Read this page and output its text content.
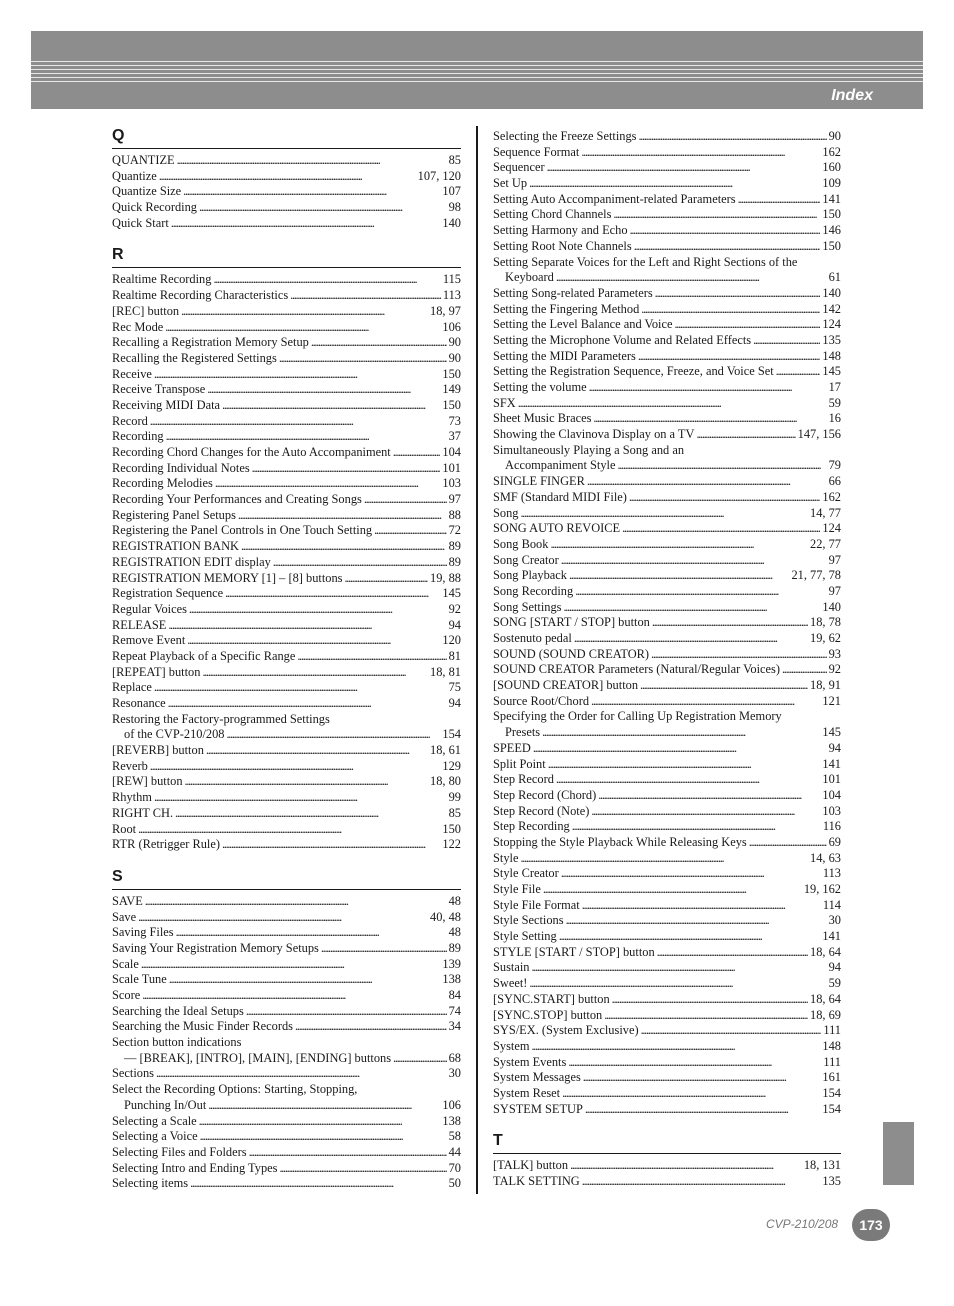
Index
Q
QUANTIZE . . .	85
Quantize . . .	107, 120
Quantize Size . . .	107
Quick Recording . . .	98
Quick Start . . .	140
R
Realtime Recording . . .	115
Realtime Recording Characteristics . . .	113
[REC] button . . .	18, 97
Rec Mode . . .	106
Recalling a Registration Memory Setup . . .	90
Recalling the Registered Settings . . .	90
Receive . . .	150
Receive Transpose . . .	149
Receiving MIDI Data . . .	150
Record . . .	73
Recording . . .	37
Recording Chord Changes for the Auto Accompaniment . . .	104
Recording Individual Notes . . .	101
Recording Melodies . . .	103
Recording Your Performances and Creating Songs . . .	97
Registering Panel Setups . . .	88
Registering the Panel Controls in One Touch Setting . . .	72
REGISTRATION BANK . . .	89
REGISTRATION EDIT display . . .	89
REGISTRATION MEMORY [1] – [8] buttons . . .	19, 88
Registration Sequence . . .	145
Regular Voices . . .	92
RELEASE . . .	94
Remove Event . . .	120
Repeat Playback of a Specific Range . . .	81
[REPEAT] button . . .	18, 81
Replace . . .	75
Resonance . . .	94
Restoring the Factory-programmed Settings
of the CVP-210/208 . . .	154
[REVERB] button . . .	18, 61
Reverb . . .	129
[REW] button . . .	18, 80
Rhythm . . .	99
RIGHT CH. . . .	85
Root . . .	150
RTR (Retrigger Rule) . . .	122
S
SAVE . . .	48
Save . . .	40, 48
Saving Files . . .	48
Saving Your Registration Memory Setups . . .	89
Scale . . .	139
Scale Tune . . .	138
Score . . .	84
Searching the Ideal Setups . . .	74
Searching the Music Finder Records . . .	34
Section button indications
— [BREAK], [INTRO], [MAIN], [ENDING] buttons . . .	68
Sections . . .	30
Select the Recording Options: Starting, Stopping,
Punching In/Out . . .	106
Selecting a Scale . . .	138
Selecting a Voice . . .	58
Selecting Files and Folders . . .	44
Selecting Intro and Ending Types . . .	70
Selecting items . . .	50
Selecting the Freeze Settings . . .	90
Sequence Format . . .	162
Sequencer . . .	160
Set Up . . .	109
Setting Auto Accompaniment-related Parameters . . .	141
Setting Chord Channels . . .	150
Setting Harmony and Echo . . .	146
Setting Root Note Channels . . .	150
Setting Separate Voices for the Left and Right Sections of the
Keyboard . . .	61
Setting Song-related Parameters . . .	140
Setting the Fingering Method . . .	142
Setting the Level Balance and Voice . . .	124
Setting the Microphone Volume and Related Effects . . .	135
Setting the MIDI Parameters . . .	148
Setting the Registration Sequence, Freeze, and Voice Set . . .	145
Setting the volume . . .	17
SFX . . .	59
Sheet Music Braces . . .	16
Showing the Clavinova Display on a TV . . .	147, 156
Simultaneously Playing a Song and an
Accompaniment Style . . .	79
SINGLE FINGER . . .	66
SMF (Standard MIDI File) . . .	162
Song . . .	14, 77
SONG AUTO REVOICE . . .	124
Song Book . . .	22, 77
Song Creator . . .	97
Song Playback . . .	21, 77, 78
Song Recording . . .	97
Song Settings . . .	140
SONG [START / STOP] button . . .	18, 78
Sostenuto pedal . . .	19, 62
SOUND (SOUND CREATOR) . . .	93
SOUND CREATOR Parameters (Natural/Regular Voices) . . .	92
[SOUND CREATOR] button . . .	18, 91
Source Root/Chord . . .	121
Specifying the Order for Calling Up Registration Memory
Presets . . .	145
SPEED . . .	94
Split Point . . .	141
Step Record . . .	101
Step Record (Chord) . . .	104
Step Record (Note) . . .	103
Step Recording . . .	116
Stopping the Style Playback While Releasing Keys . . .	69
Style . . .	14, 63
Style Creator . . .	113
Style File . . .	19, 162
Style File Format . . .	114
Style Sections . . .	30
Style Setting . . .	141
STYLE [START / STOP] button . . .	18, 64
Sustain . . .	94
Sweet! . . .	59
[SYNC.START] button . . .	18, 64
[SYNC.STOP] button . . .	18, 69
SYS/EX. (System Exclusive) . . .	111
System . . .	148
System Events . . .	111
System Messages . . .	161
System Reset . . .	154
SYSTEM SETUP . . .	154
T
[TALK] button . . .	18, 131
TALK SETTING . . .	135
CVP-210/208	173
